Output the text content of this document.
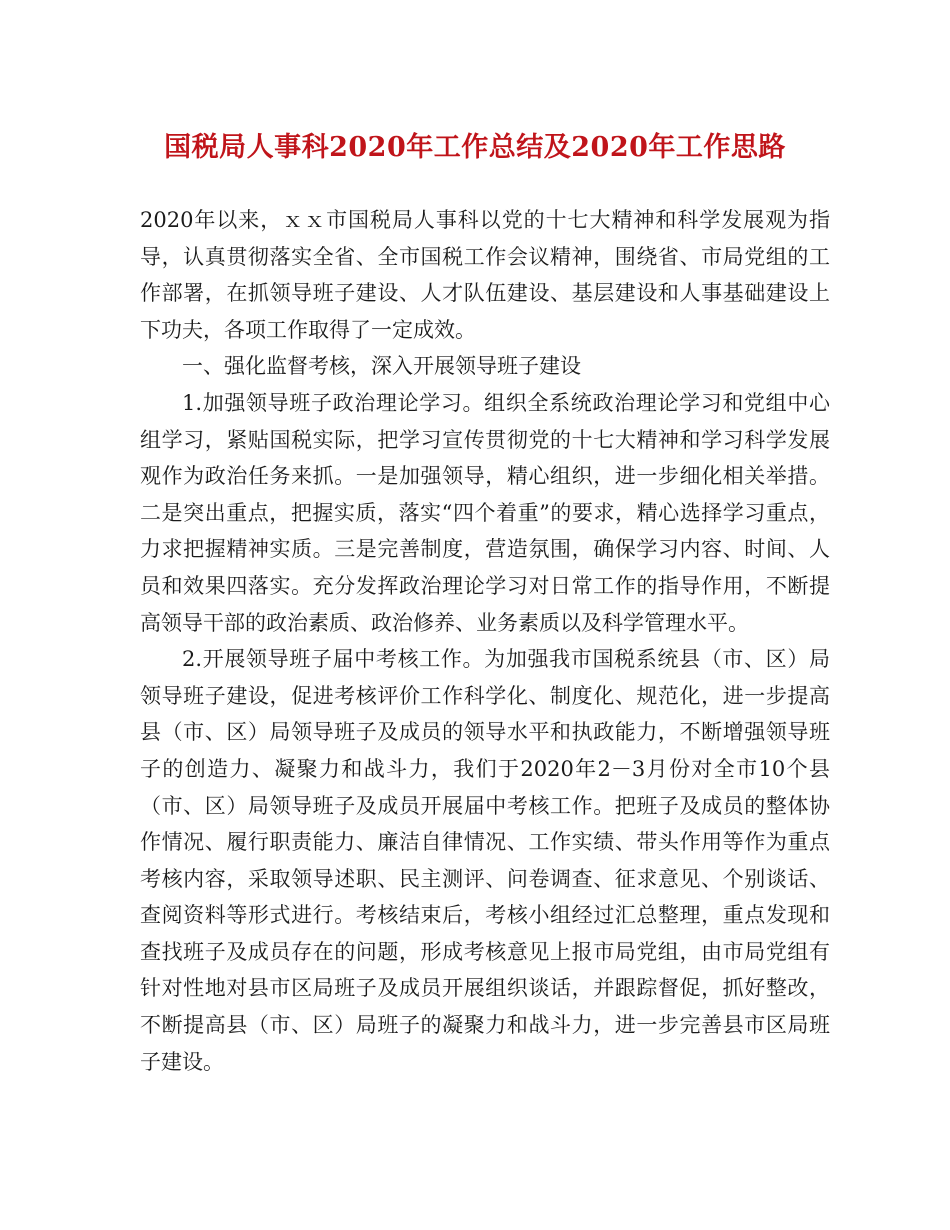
国税局人事科2020年工作总结及2020年工作思路

2020年以来，ｘｘ市国税局人事科以党的十七大精神和科学发展观为指导，认真贯彻落实全省、全市国税工作会议精神，围绕省、市局党组的工作部署，在抓领导班子建设、人才队伍建设、基层建设和人事基础建设上下功夫，各项工作取得了一定成效。

一、强化监督考核，深入开展领导班子建设

1.加强领导班子政治理论学习。组织全系统政治理论学习和党组中心组学习，紧贴国税实际，把学习宣传贯彻党的十七大精神和学习科学发展观作为政治任务来抓。一是加强领导，精心组织，进一步细化相关举措。二是突出重点，把握实质，落实“四个着重”的要求，精心选择学习重点，力求把握精神实质。三是完善制度，营造氛围，确保学习内容、时间、人员和效果四落实。充分发挥政治理论学习对日常工作的指导作用，不断提高领导干部的政治素质、政治修养、业务素质以及科学管理水平。

2.开展领导班子届中考核工作。为加强我市国税系统县（市、区）局领导班子建设，促进考核评价工作科学化、制度化、规范化，进一步提高县（市、区）局领导班子及成员的领导水平和执政能力，不断增强领导班子的创造力、凝聚力和战斗力，我们于2020年2－3月份对全市10个县（市、区）局领导班子及成员开展届中考核工作。把班子及成员的整体协作情况、履行职责能力、廉洁自律情况、工作实绩、带头作用等作为重点考核内容，采取领导述职、民主测评、问卷调查、征求意见、个别谈话、查阅资料等形式进行。考核结束后，考核小组经过汇总整理，重点发现和查找班子及成员存在的问题，形成考核意见上报市局党组，由市局党组有针对性地对县市区局班子及成员开展组织谈话，并跟踪督促，抓好整改，不断提高县（市、区）局班子的凝聚力和战斗力，进一步完善县市区局班子建设。
